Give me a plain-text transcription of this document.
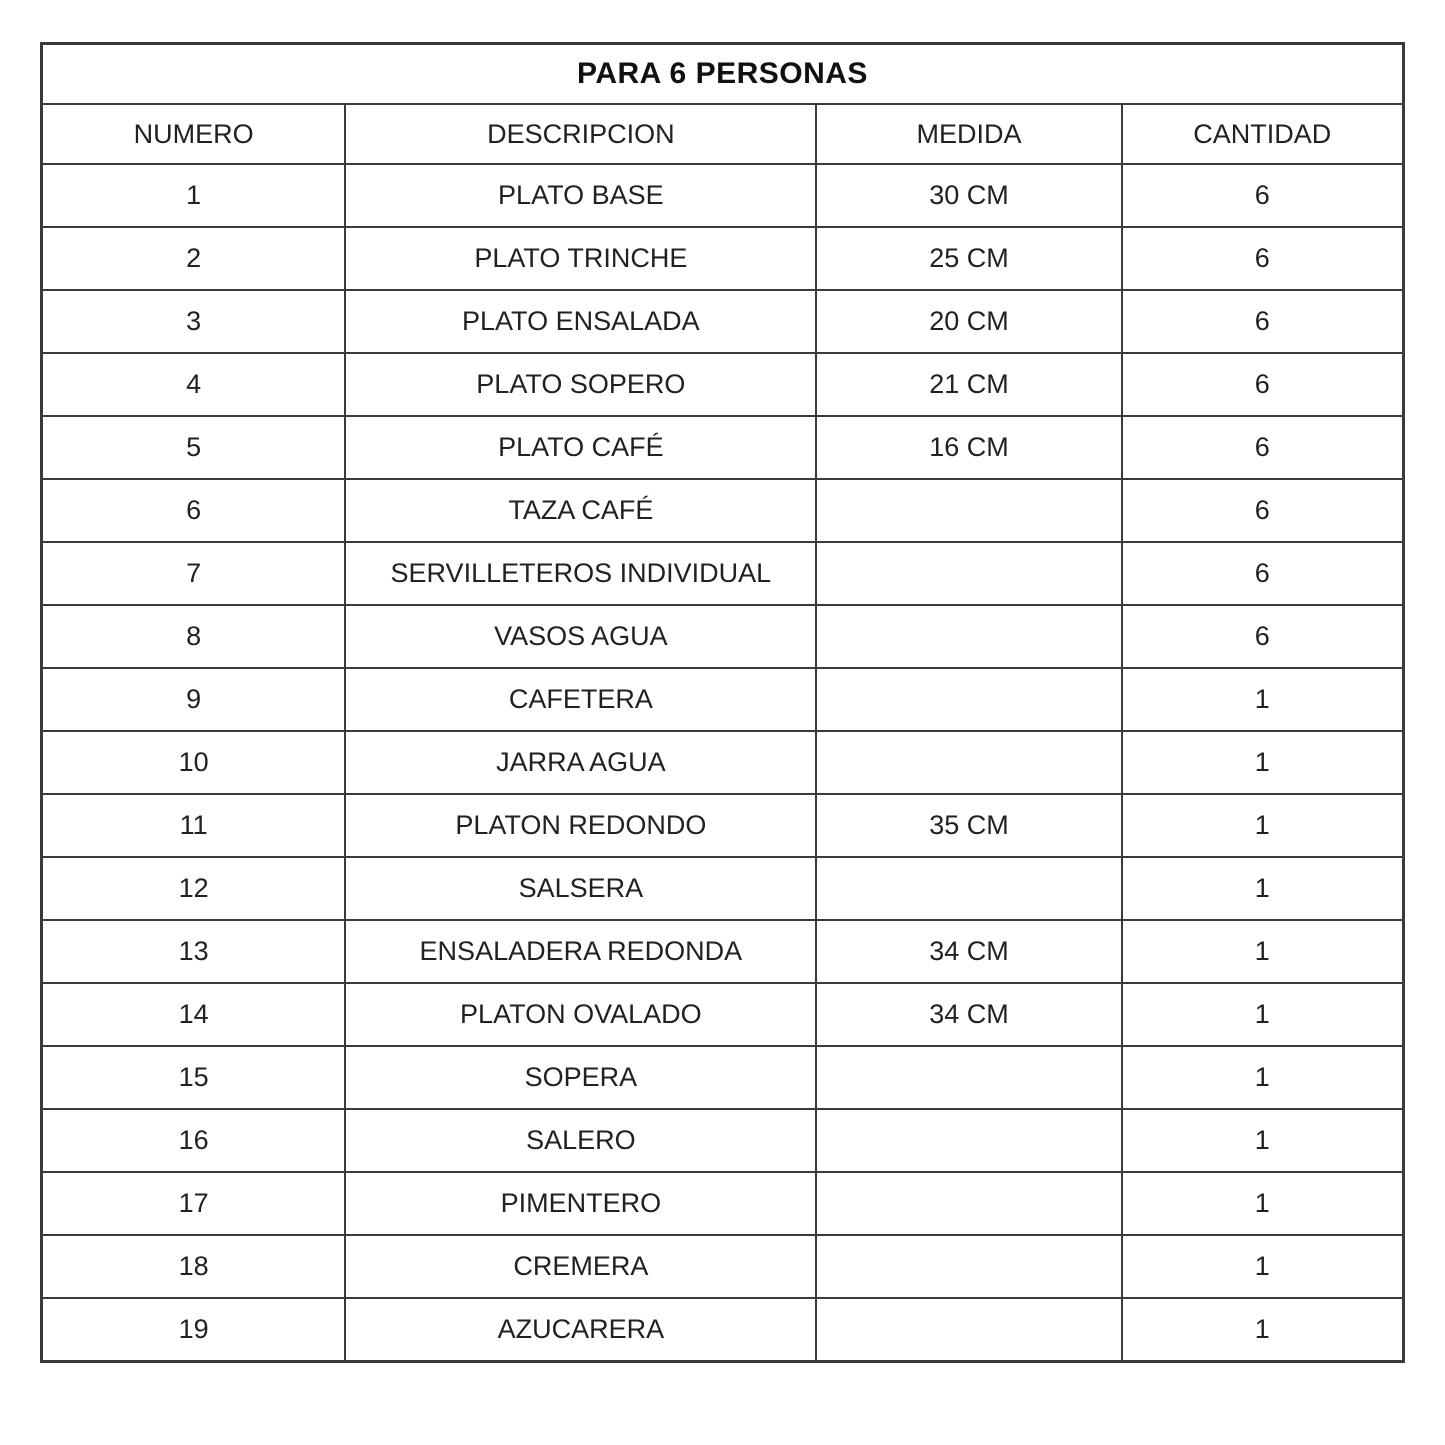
PARA 6 PERSONAS			
NUMERO	DESCRIPCION	MEDIDA	CANTIDAD
1	PLATO BASE	30 CM	6
2	PLATO TRINCHE	25 CM	6
3	PLATO ENSALADA	20 CM	6
4	PLATO SOPERO	21 CM	6
5	PLATO CAFÉ	16 CM	6
6	TAZA CAFÉ		6
7	SERVILLETEROS INDIVIDUAL		6
8	VASOS AGUA		6
9	CAFETERA		1
10	JARRA AGUA		1
11	PLATON REDONDO	35 CM	1
12	SALSERA		1
13	ENSALADERA REDONDA	34 CM	1
14	PLATON OVALADO	34 CM	1
15	SOPERA		1
16	SALERO		1
17	PIMENTERO		1
18	CREMERA		1
19	AZUCARERA		1
